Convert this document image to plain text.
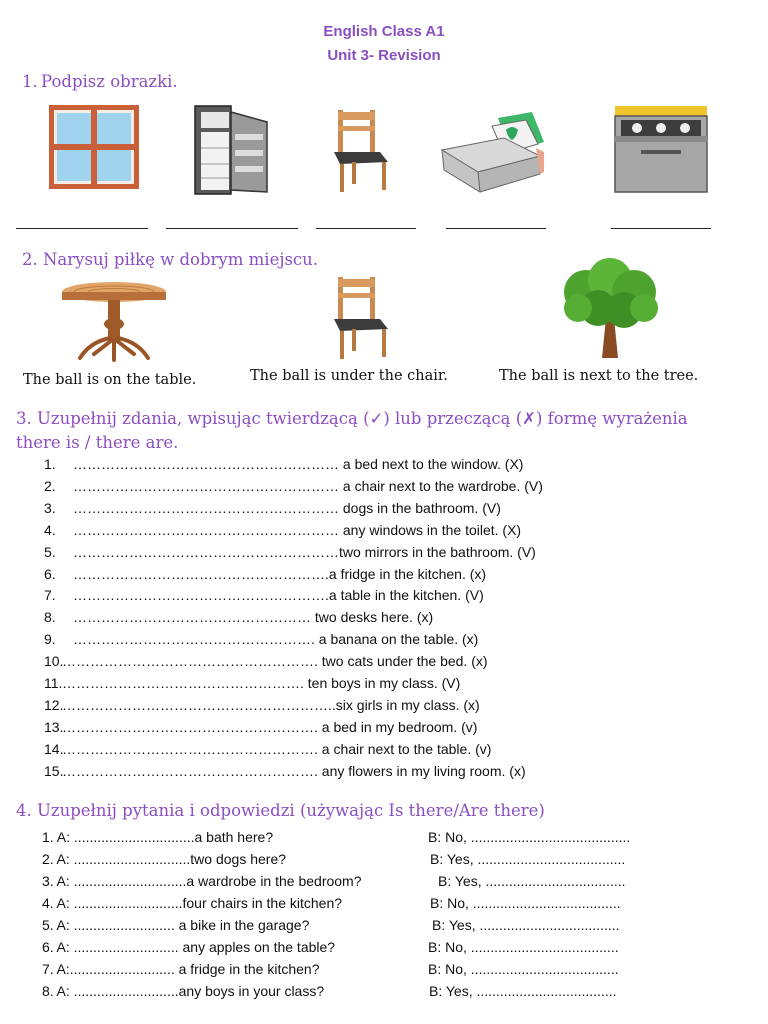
English Class A1
Unit 3- Revision
1. Podpisz obrazki.
2. Narysuj piłkę w dobrym miejscu.
The ball is on the table.	The ball is under the chair.	The ball is next to the tree.
3. Uzupełnij zdania, wpisując twierdzącą (✓) lub przeczącą (✗) formę wyrażenia
there is / there are.
1. ………………………………………………… a bed next to the window. (X)
2. ………………………………………………… a chair next to the wardrobe. (V)
3. ………………………………………………… dogs in the bathroom. (V)
4. ………………………………………………… any windows in the toilet. (X)
5. …………………………………………………two mirrors in the bathroom. (V)
6. ……………………………………………….a fridge in the kitchen. (x)
7. ……………………………………………….a table in the kitchen. (V)
8. …………………………………………… two desks here. (x)
9. ……………………………………………. a banana on the table. (x)
10.
………………………………………………. two cats under the bed. (x)
11. ……………………………………………. ten boys in my class. (V)
12.
…………………………………………………..six girls in my class. (x)
13.
………………………………………………. a bed in my bedroom. (v)
14.
………………………………………………. a chair next to the table. (v)
15.
………………………………………………. any flowers in my living room. (x)
4. Uzupełnij pytania i odpowiedzi (używając Is there/Are there)
1. A: ...............................a bath here?	B: No, .........................................
2. A: ..............................two dogs here?	B: Yes, ......................................
3. A: .............................a wardrobe in the bedroom?	B: Yes, ....................................
4. A: ............................four chairs in the kitchen?	B: No, ......................................
5. A: .......................... a bike in the garage?	B: Yes, ....................................
6. A: ........................... any apples on the table?	B: No, ......................................
7. A:........................... a fridge in the kitchen?	B: No, ......................................
8. A: ...........................any boys in your class?	B: Yes, ....................................
